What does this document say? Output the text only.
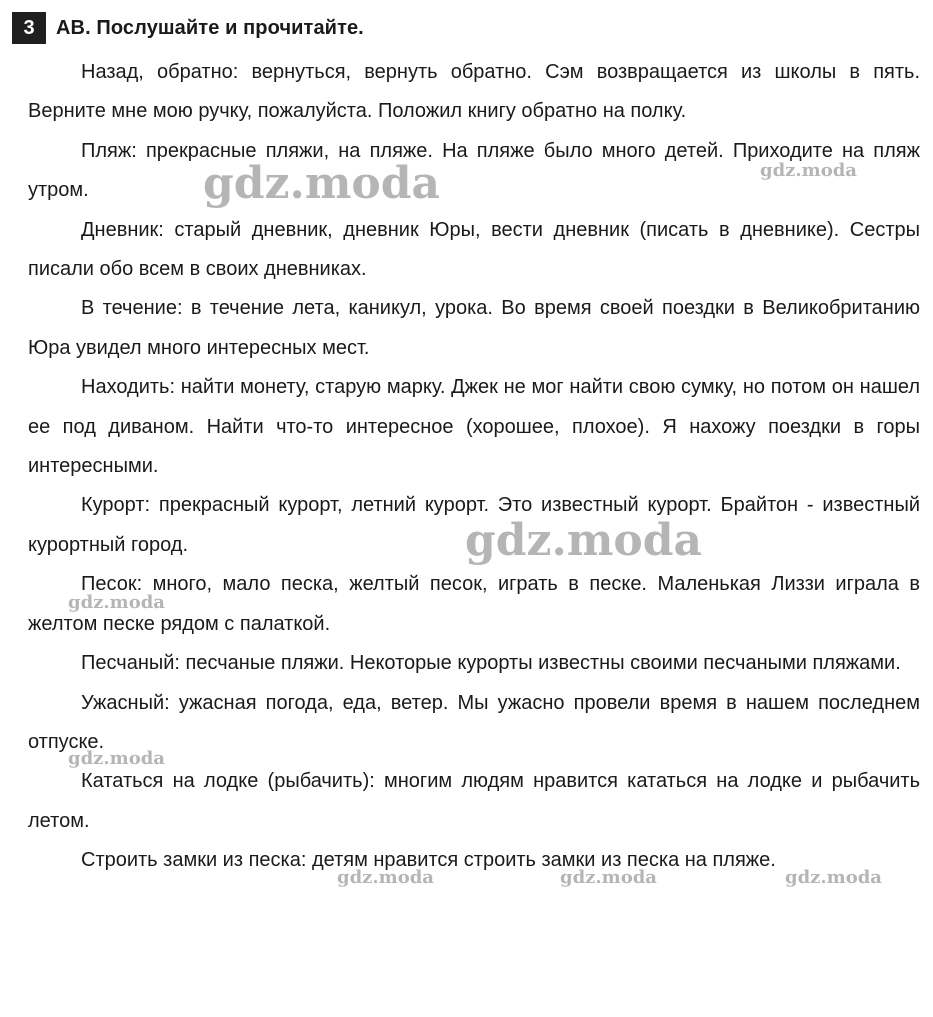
3	AB. Послушайте и прочитайте.

Назад, обратно: вернуться, вернуть обратно. Сэм возвращается из школы в пять. Верните мне мою ручку, пожалуйста. Положил книгу обратно на полку.

Пляж: прекрасные пляжи, на пляже. На пляже было много детей. Приходите на пляж утром.

Дневник: старый дневник, дневник Юры, вести дневник (писать в дневнике). Сестры писали обо всем в своих дневниках.

В течение: в течение лета, каникул, урока. Во время своей поездки в Великобританию Юра увидел много интересных мест.

Находить: найти монету, старую марку. Джек не мог найти свою сумку, но потом он нашел ее под диваном. Найти что-то интересное (хорошее, плохое). Я нахожу поездки в горы интересными.

Курорт: прекрасный курорт, летний курорт. Это известный курорт. Брайтон - известный курортный город.

Песок: много, мало песка, желтый песок, играть в песке. Маленькая Лиззи играла в желтом песке рядом с палаткой.

Песчаный: песчаные пляжи. Некоторые курорты известны своими песчаными пляжами.

Ужасный: ужасная погода, еда, ветер. Мы ужасно провели время в нашем последнем отпуске.

Кататься на лодке (рыбачить): многим людям нравится кататься на лодке и рыбачить летом.

Строить замки из песка: детям нравится строить замки из песка на пляже.

gdz.moda	gdz.moda
gdz.moda
gdz.moda
gdz.moda
gdz.moda	gdz.moda	gdz.moda
